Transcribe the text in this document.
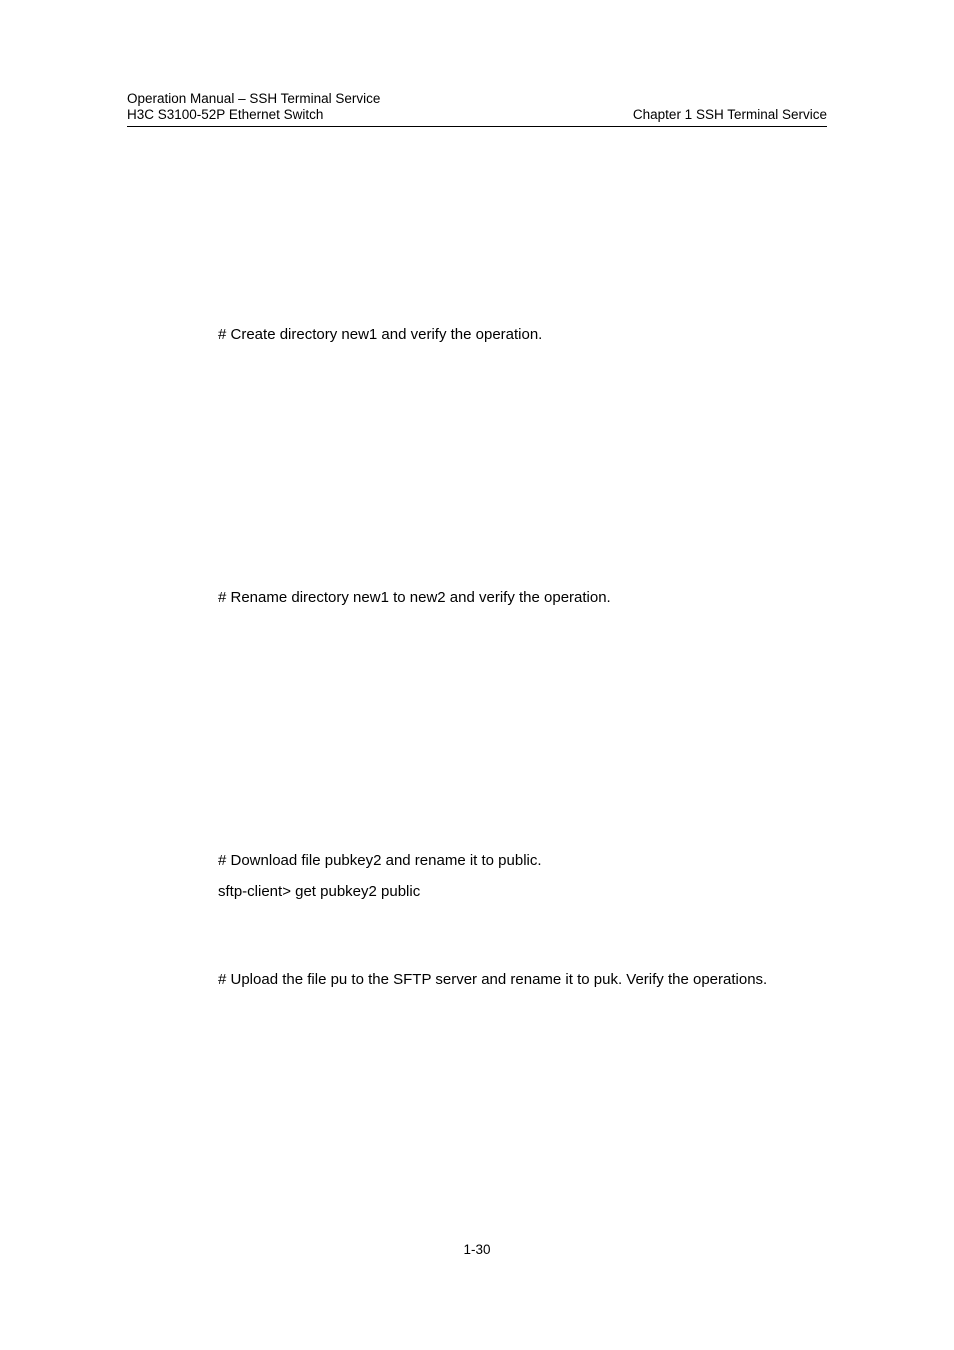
Operation Manual – SSH Terminal Service
H3C S3100-52P Ethernet Switch	Chapter 1 SSH Terminal Service
# Create directory new1 and verify the operation.
# Rename directory new1 to new2 and verify the operation.
# Download file pubkey2 and rename it to public.
sftp-client> get pubkey2 public
# Upload the file pu to the SFTP server and rename it to puk. Verify the operations.
1-30
